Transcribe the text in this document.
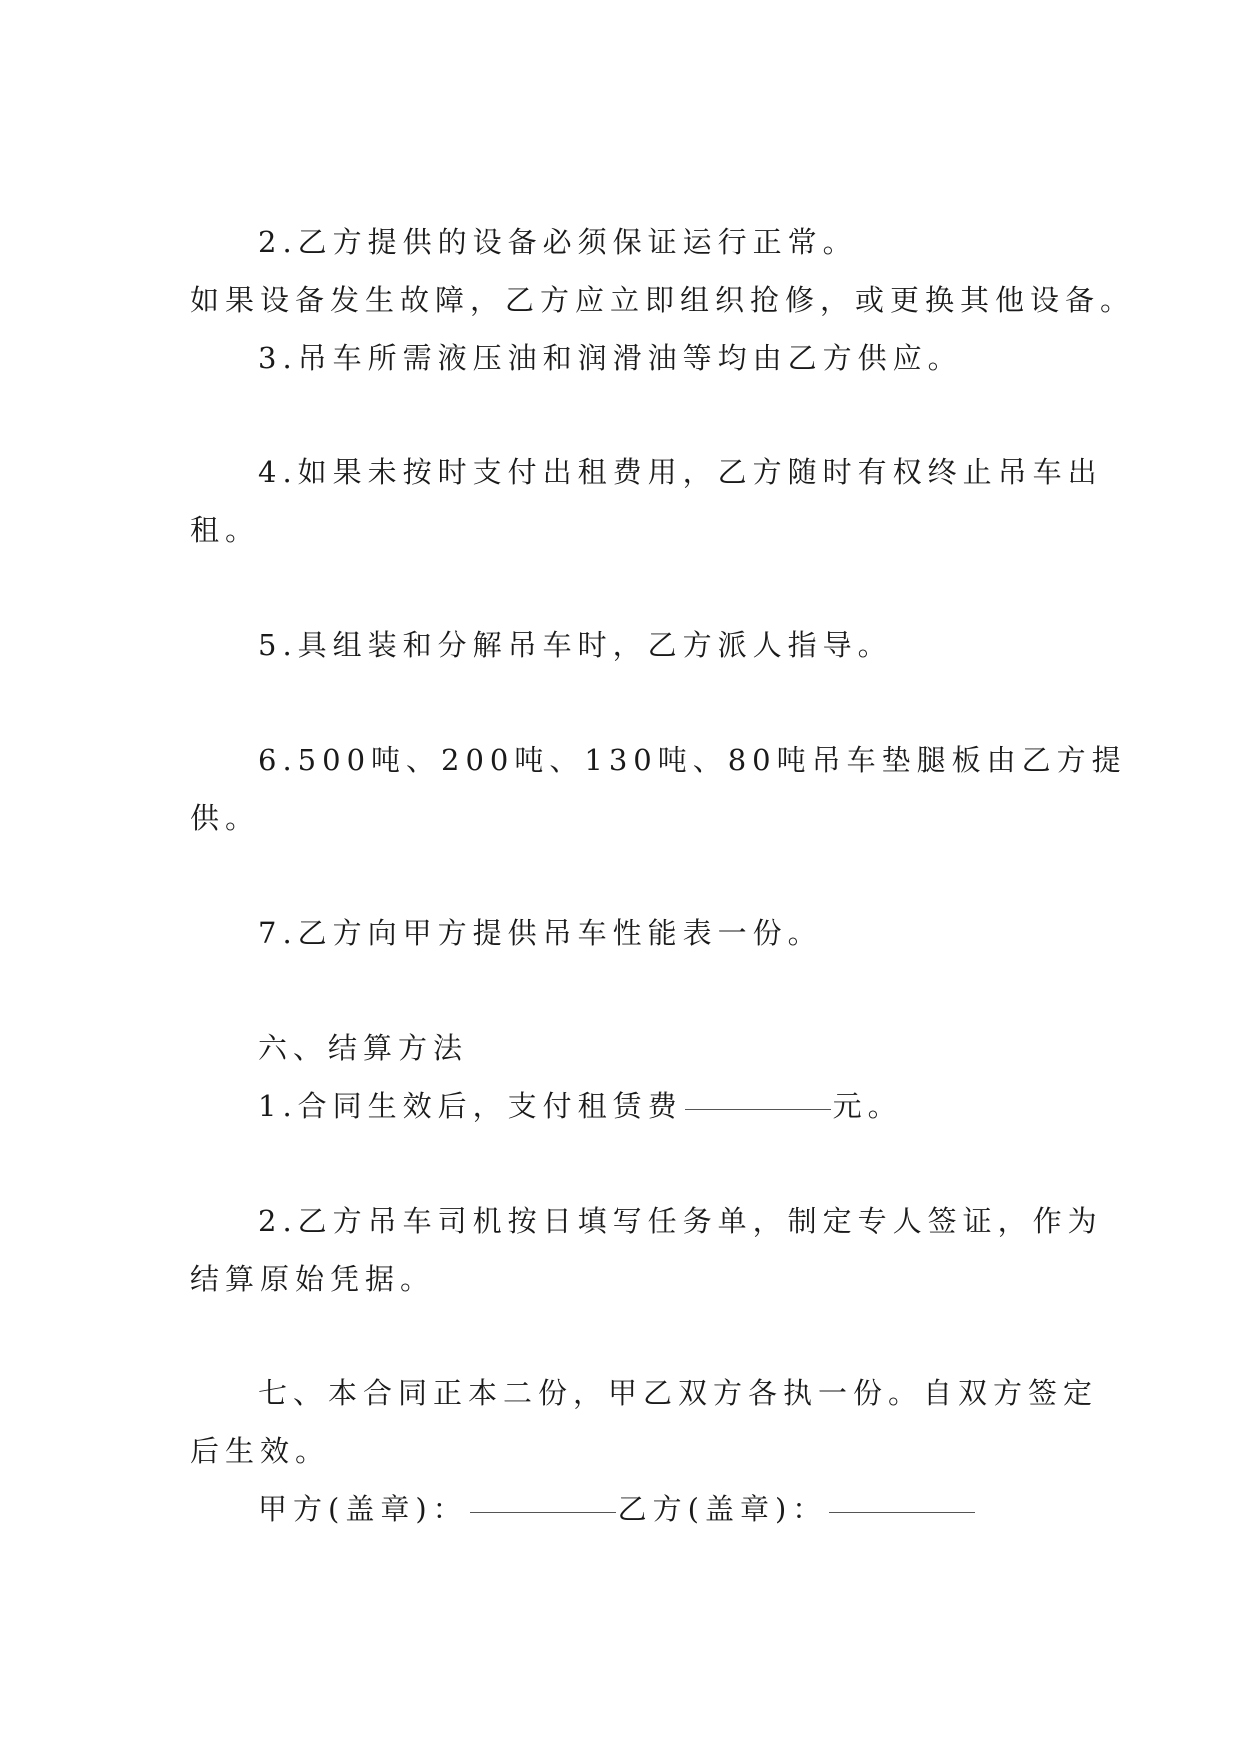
2.乙方提供的设备必须保证运行正常。
如果设备发生故障，乙方应立即组织抢修，或更换其他设备。
3.吊车所需液压油和润滑油等均由乙方供应。
4.如果未按时支付出租费用，乙方随时有权终止吊车出
租。
5.具组装和分解吊车时，乙方派人指导。
6.500吨、200吨、130吨、80吨吊车垫腿板由乙方提
供。
7.乙方向甲方提供吊车性能表一份。
六、结算方法
1.合同生效后，支付租赁费	元。
2.乙方吊车司机按日填写任务单，制定专人签证，作为
结算原始凭据。
七、本合同正本二份，甲乙双方各执一份。自双方签定
后生效。
甲方(盖章)：	乙方(盖章)：
